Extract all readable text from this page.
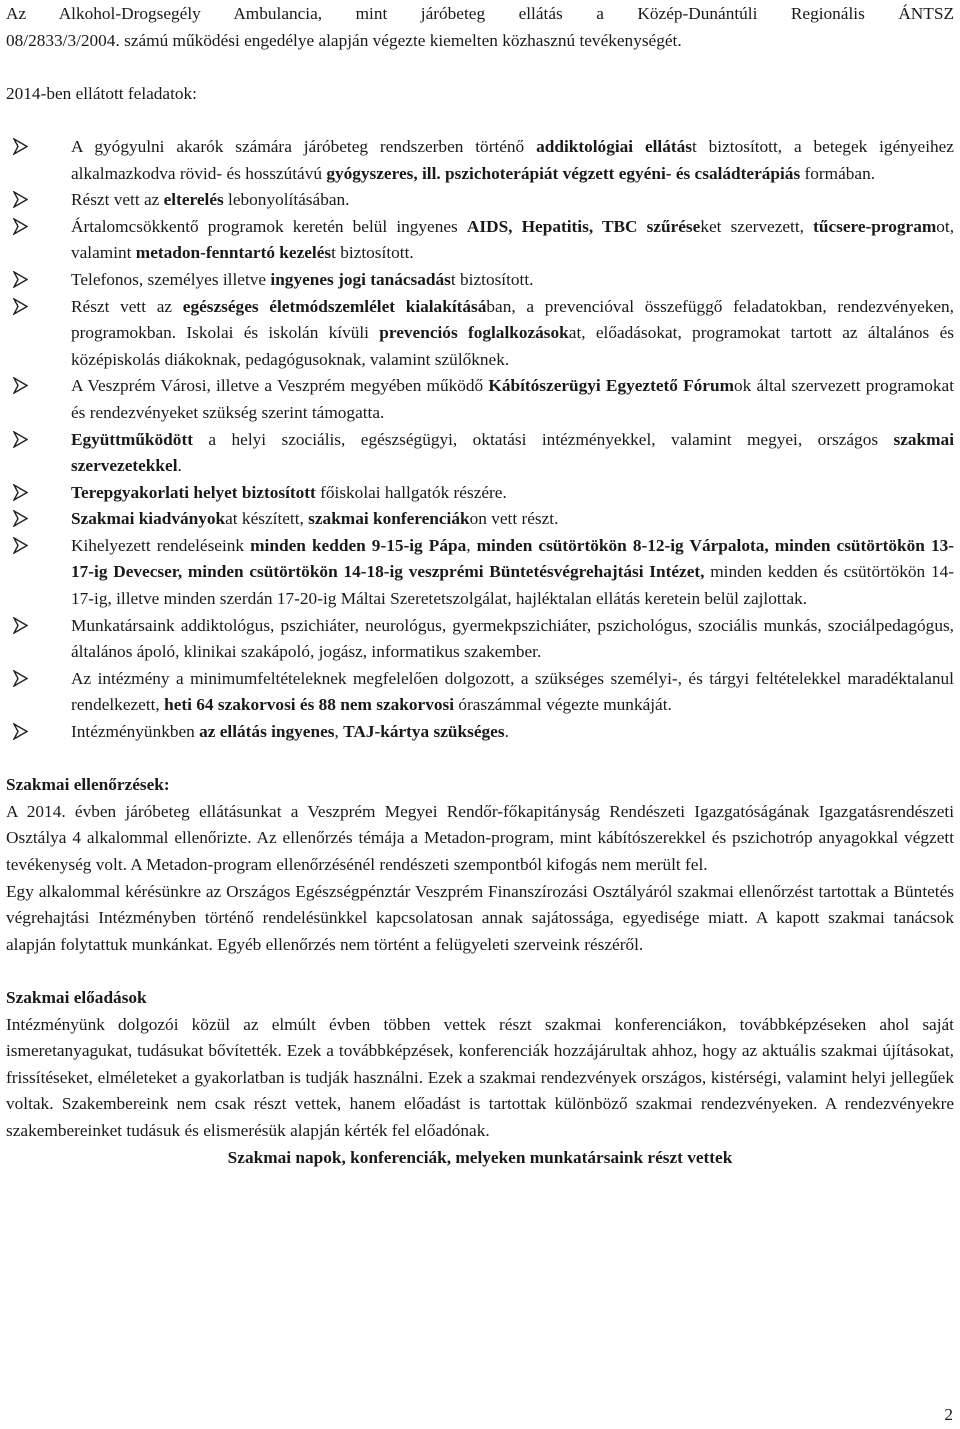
Az Alkohol-Drogsegély Ambulancia, mint járóbeteg ellátás a Közép-Dunántúli Regionális ÁNTSZ

08/2833/3/2004. számú működési engedélye alapján végezte kiemelten közhasznú tevékenységét.

2014-ben ellátott feladatok:

A gyógyulni akarók számára járóbeteg rendszerben történő addiktológiai ellátást biztosított, a betegek igényeihez alkalmazkodva rövid- és hosszútávú gyógyszeres, ill. pszichoterápiát végzett egyéni- és családterápiás formában.
Részt vett az elterelés lebonyolításában.
Ártalomcsökkentő programok keretén belül ingyenes AIDS, Hepatitis, TBC szűréseket szervezett, tűcsere-programot, valamint metadon-fenntartó kezelést biztosított.
Telefonos, személyes illetve ingyenes jogi tanácsadást biztosított.
Részt vett az egészséges életmódszemlélet kialakításában, a prevencióval összefüggő feladatokban, rendezvényeken, programokban. Iskolai és iskolán kívüli prevenciós foglalkozásokat, előadásokat, programokat tartott az általános és középiskolás diákoknak, pedagógusoknak, valamint szülőknek.
A Veszprém Városi, illetve a Veszprém megyében működő Kábítószerügyi Egyeztető Fórumok által szervezett programokat és rendezvényeket szükség szerint támogatta.
Együttműködött a helyi szociális, egészségügyi, oktatási intézményekkel, valamint megyei, országos szakmai szervezetekkel.
Terepgyakorlati helyet biztosított főiskolai hallgatók részére.
Szakmai kiadványokat készített, szakmai konferenciákon vett részt.
Kihelyezett rendeléseink minden kedden 9-15-ig Pápa, minden csütörtökön 8-12-ig Várpalota, minden csütörtökön 13-17-ig Devecser, minden csütörtökön 14-18-ig veszprémi Büntetésvégrehajtási Intézet, minden kedden és csütörtökön 14-17-ig, illetve minden szerdán 17-20-ig Máltai Szeretetszolgálat, hajléktalan ellátás keretein belül zajlottak.
Munkatársaink addiktológus, pszichiáter, neurológus, gyermekpszichiáter, pszichológus, szociális munkás, szociálpedagógus, általános ápoló, klinikai szakápoló, jogász, informatikus szakember.
Az intézmény a minimumfeltételeknek megfelelően dolgozott, a szükséges személyi-, és tárgyi feltételekkel maradéktalanul rendelkezett, heti 64 szakorvosi és 88 nem szakorvosi óraszámmal végezte munkáját.
Intézményünkben az ellátás ingyenes, TAJ-kártya szükséges.

Szakmai ellenőrzések:

A 2014. évben járóbeteg ellátásunkat a Veszprém Megyei Rendőr-főkapitányság Rendészeti Igazgatóságának Igazgatásrendészeti Osztálya 4 alkalommal ellenőrizte. Az ellenőrzés témája a Metadon-program, mint kábítószerekkel és pszichotróp anyagokkal végzett tevékenység volt. A Metadon-program ellenőrzésénél rendészeti szempontból kifogás nem merült fel.

Egy alkalommal kérésünkre az Országos Egészségpénztár Veszprém Finanszírozási Osztályáról szakmai ellenőrzést tartottak a Büntetés végrehajtási Intézményben történő rendelésünkkel kapcsolatosan annak sajátossága, egyedisége miatt. A kapott szakmai tanácsok alapján folytattuk munkánkat. Egyéb ellenőrzés nem történt a felügyeleti szerveink részéről.

Szakmai előadások

Intézményünk dolgozói közül az elmúlt évben többen vettek részt szakmai konferenciákon, továbbképzéseken ahol saját ismeretanyagukat, tudásukat bővítették. Ezek a továbbképzések, konferenciák hozzájárultak ahhoz, hogy az aktuális szakmai újításokat, frissítéseket, elméleteket a gyakorlatban is tudják használni. Ezek a szakmai rendezvények országos, kistérségi, valamint helyi jellegűek voltak. Szakembereink nem csak részt vettek, hanem előadást is tartottak különböző szakmai rendezvényeken. A rendezvényekre szakembereinket tudásuk és elismerésük alapján kérték fel előadónak.

Szakmai napok, konferenciák, melyeken munkatársaink részt vettek

2
